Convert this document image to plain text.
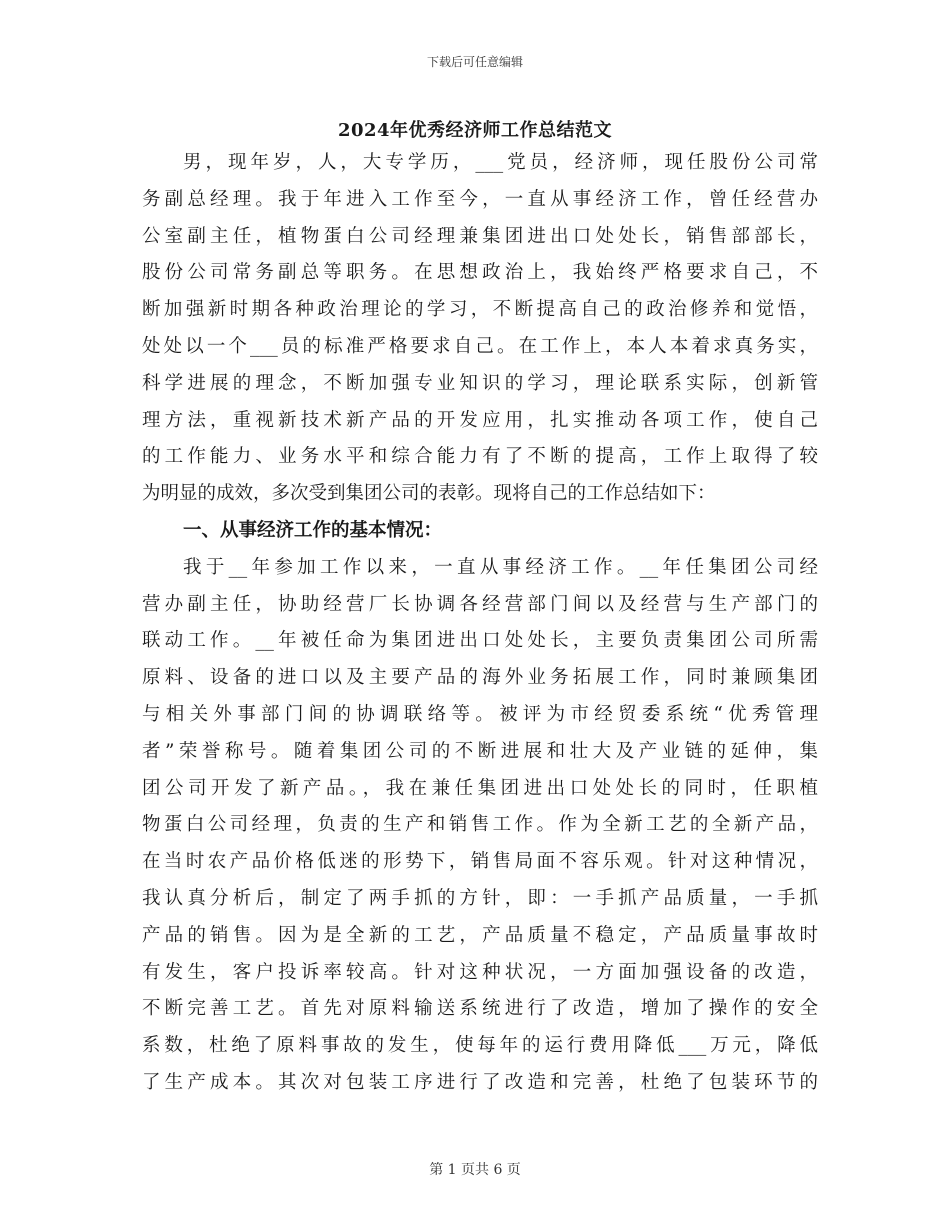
下载后可任意编辑
2024年优秀经济师工作总结范文
男，现年岁，人，大专学历，___党员，经济师，现任股份公司常
务副总经理。我于年进入工作至今，一直从事经济工作，曾任经营办
公室副主任，植物蛋白公司经理兼集团进出口处处长，销售部部长，
股份公司常务副总等职务。在思想政治上，我始终严格要求自己，不
断加强新时期各种政治理论的学习，不断提高自己的政治修养和觉悟，
处处以一个___员的标准严格要求自己。在工作上，本人本着求真务实，
科学进展的理念，不断加强专业知识的学习，理论联系实际，创新管
理方法，重视新技术新产品的开发应用，扎实推动各项工作，使自己
的工作能力、业务水平和综合能力有了不断的提高，工作上取得了较
为明显的成效，多次受到集团公司的表彰。现将自己的工作总结如下：
一、从事经济工作的基本情况：
我于__年参加工作以来，一直从事经济工作。__年任集团公司经
营办副主任，协助经营厂长协调各经营部门间以及经营与生产部门的
联动工作。__年被任命为集团进出口处处长，主要负责集团公司所需
原料、设备的进口以及主要产品的海外业务拓展工作，同时兼顾集团
与相关外事部门间的协调联络等。被评为市经贸委系统“优秀管理
者”荣誉称号。随着集团公司的不断进展和壮大及产业链的延伸，集
团公司开发了新产品。，我在兼任集团进出口处处长的同时，任职植
物蛋白公司经理，负责的生产和销售工作。作为全新工艺的全新产品，
在当时农产品价格低迷的形势下，销售局面不容乐观。针对这种情况，
我认真分析后，制定了两手抓的方针，即：一手抓产品质量，一手抓
产品的销售。因为是全新的工艺，产品质量不稳定，产品质量事故时
有发生，客户投诉率较高。针对这种状况，一方面加强设备的改造，
不断完善工艺。首先对原料输送系统进行了改造，增加了操作的安全
系数，杜绝了原料事故的发生，使每年的运行费用降低___万元，降低
了生产成本。其次对包装工序进行了改造和完善，杜绝了包装环节的
第 1 页共 6 页
